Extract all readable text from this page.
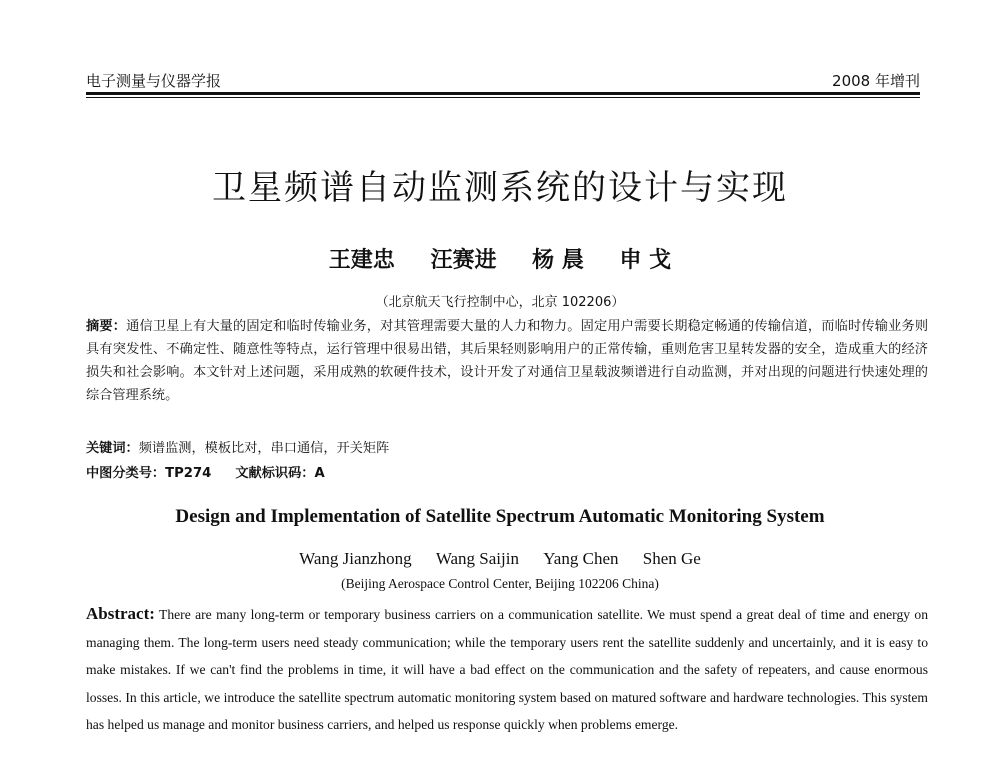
电子测量与仪器学报	2008 年增刊
卫星频谱自动监测系统的设计与实现
王建忠 汪赛进 杨 晨 申 戈
（北京航天飞行控制中心，北京 102206）
摘要：通信卫星上有大量的固定和临时传输业务，对其管理需要大量的人力和物力。固定用户需要长期稳定畅通的传输信道，而临时传输业务则具有突发性、不确定性、随意性等特点，运行管理中很易出错，其后果轻则影响用户的正常传输，重则危害卫星转发器的安全，造成重大的经济损失和社会影响。本文针对上述问题，采用成熟的软硬件技术，设计开发了对通信卫星载波频谱进行自动监测，并对出现的问题进行快速处理的综合管理系统。
关键词：频谱监测，模板比对，串口通信，开关矩阵
中图分类号：TP274 文献标识码：A
Design and Implementation of Satellite Spectrum Automatic Monitoring System
Wang Jianzhong Wang Saijin Yang Chen Shen Ge
(Beijing Aerospace Control Center, Beijing 102206 China)
Abstract: There are many long-term or temporary business carriers on a communication satellite. We must spend a great deal of time and energy on managing them. The long-term users need steady communication; while the temporary users rent the satellite suddenly and uncertainly, and it is easy to make mistakes. If we can't find the problems in time, it will have a bad effect on the communication and the safety of repeaters, and cause enormous losses. In this article, we introduce the satellite spectrum automatic monitoring system based on matured software and hardware technologies. This system has helped us manage and monitor business carriers, and helped us response quickly when problems emerge.
